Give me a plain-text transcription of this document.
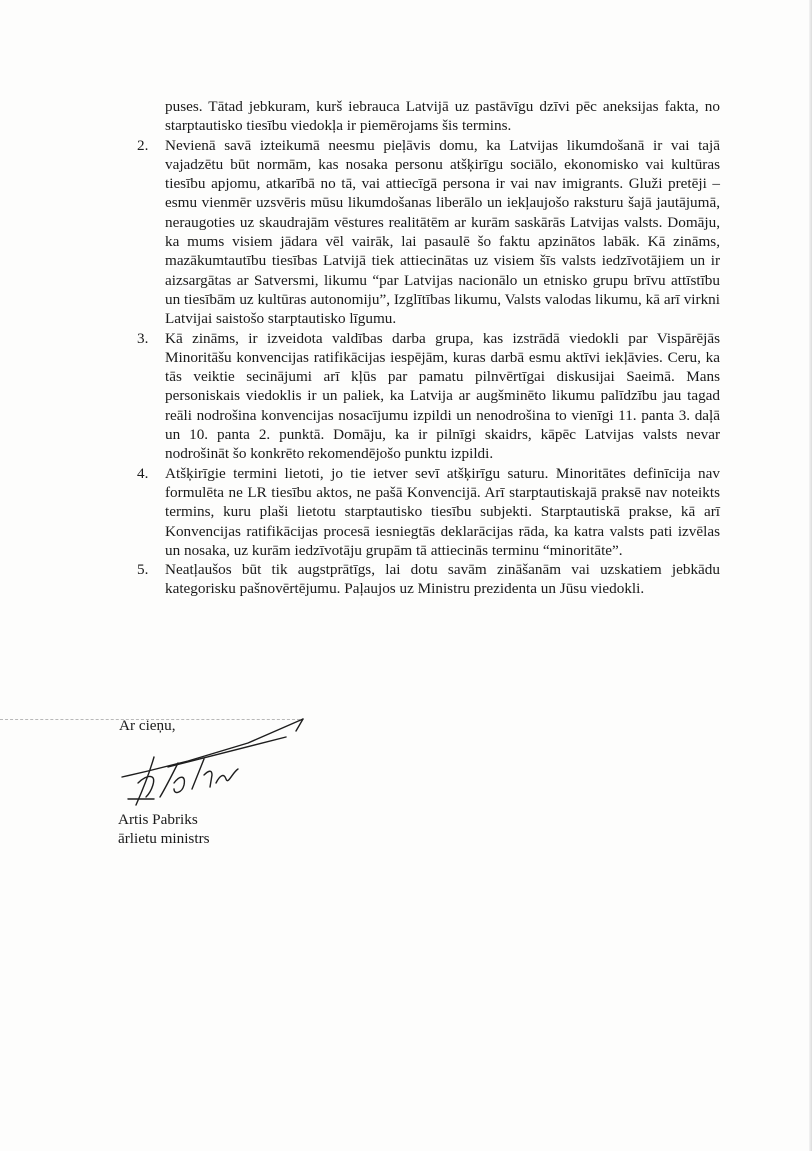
puses. Tātad jebkuram, kurš iebrauca Latvijā uz pastāvīgu dzīvi pēc aneksijas fakta, no starptautisko tiesību viedokļa ir piemērojams šis termins.

2.	Nevienā savā izteikumā neesmu pieļāvis domu, ka Latvijas likumdošanā ir vai tajā vajadzētu būt normām, kas nosaka personu atšķirīgu sociālo, ekonomisko vai kultūras tiesību apjomu, atkarībā no tā, vai attiecīgā persona ir vai nav imigrants. Gluži pretēji – esmu vienmēr uzsvēris mūsu likumdošanas liberālo un iekļaujošo raksturu šajā jautājumā, neraugoties uz skaudrajām vēstures realitātēm ar kurām saskārās Latvijas valsts. Domāju, ka mums visiem jādara vēl vairāk, lai pasaulē šo faktu apzinātos labāk. Kā zināms, mazākumtautību tiesības Latvijā tiek attiecinātas uz visiem šīs valsts iedzīvotājiem un ir aizsargātas ar Satversmi, likumu “par Latvijas nacionālo un etnisko grupu brīvu attīstību un tiesībām uz kultūras autonomiju”, Izglītības likumu, Valsts valodas likumu, kā arī virkni Latvijai saistošo starptautisko līgumu.
3.	Kā zināms, ir izveidota valdības darba grupa, kas izstrādā viedokli par Vispārējās Minoritāšu konvencijas ratifikācijas iespējām, kuras darbā esmu aktīvi iekļāvies. Ceru, ka tās veiktie secinājumi arī kļūs par pamatu pilnvērtīgai diskusijai Saeimā. Mans personiskais viedoklis ir un paliek, ka Latvija ar augšminēto likumu palīdzību jau tagad reāli nodrošina konvencijas nosacījumu izpildi un nenodrošina to vienīgi 11. panta 3. daļā un 10. panta 2. punktā. Domāju, ka ir pilnīgi skaidrs, kāpēc Latvijas valsts nevar nodrošināt šo konkrēto rekomendējošo punktu izpildi.
4.	Atšķirīgie termini lietoti, jo tie ietver sevī atšķirīgu saturu. Minoritātes definīcija nav formulēta ne LR tiesību aktos, ne pašā Konvencijā. Arī starptautiskajā praksē nav noteikts termins, kuru plaši lietotu starptautisko tiesību subjekti. Starptautiskā prakse, kā arī Konvencijas ratifikācijas procesā iesniegtās deklarācijas rāda, ka katra valsts pati izvēlas un nosaka, uz kurām iedzīvotāju grupām tā attiecinās terminu “minoritāte”.
5.	Neatļaušos būt tik augstprātīgs, lai dotu savām zināšanām vai uzskatiem jebkādu kategorisku pašnovērtējumu. Paļaujos uz Ministru prezidenta un Jūsu viedokli.
Ar cieņu,
Artis Pabriks
ārlietu ministrs
